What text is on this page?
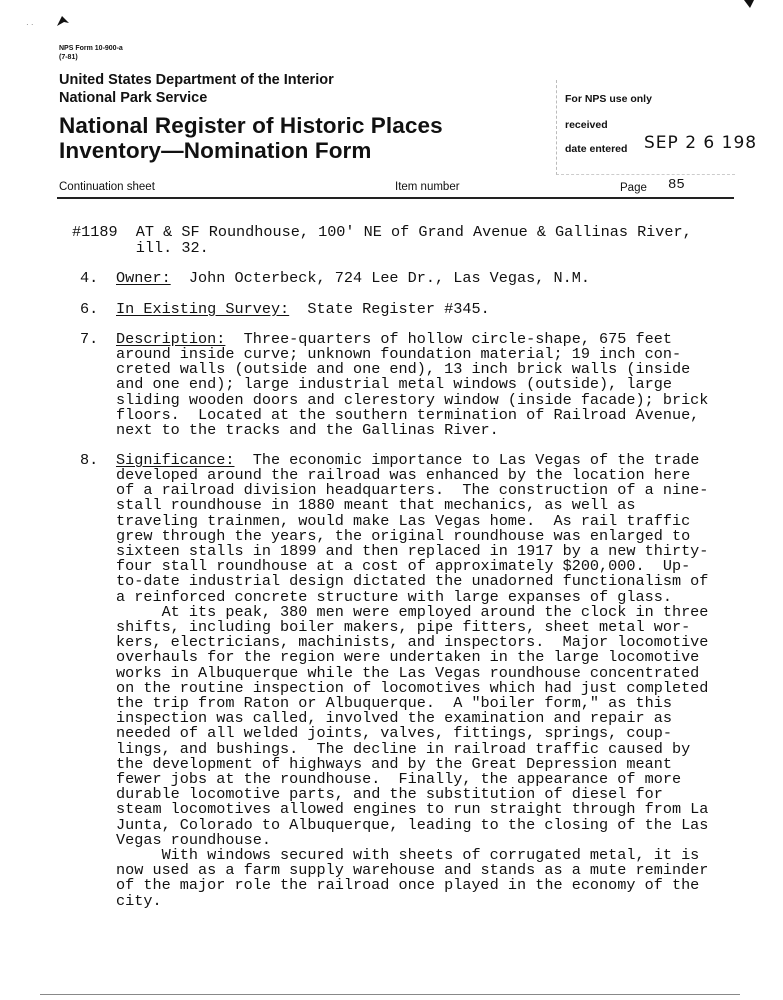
· ·
NPS Form 10-900-a
(7-81)
United States Department of the Interior
National Park Service
National Register of Historic Places
Inventory—Nomination Form
For NPS use only
received
date entered SEP 2 6 198
Continuation sheet	Item number	Page 85
#1189  AT & SF Roundhouse, 100' NE of Grand Avenue & Gallinas River,
ill. 32.
4. Owner: John Octerbeck, 724 Lee Dr., Las Vegas, N.M.
6. In Existing Survey: State Register #345.
7. Description: Three-quarters of hollow circle-shape, 675 feet
around inside curve; unknown foundation material; 19 inch con-
creted walls (outside and one end), 13 inch brick walls (inside
and one end); large industrial metal windows (outside), large
sliding wooden doors and clerestory window (inside facade); brick
floors.  Located at the southern termination of Railroad Avenue,
next to the tracks and the Gallinas River.
8. Significance: The economic importance to Las Vegas of the trade
developed around the railroad was enhanced by the location here
of a railroad division headquarters.  The construction of a nine-
stall roundhouse in 1880 meant that mechanics, as well as
traveling trainmen, would make Las Vegas home.  As rail traffic
grew through the years, the original roundhouse was enlarged to
sixteen stalls in 1899 and then replaced in 1917 by a new thirty-
four stall roundhouse at a cost of approximately $200,000.  Up-
to-date industrial design dictated the unadorned functionalism of
a reinforced concrete structure with large expanses of glass.
At its peak, 380 men were employed around the clock in three
shifts, including boiler makers, pipe fitters, sheet metal wor-
kers, electricians, machinists, and inspectors.  Major locomotive
overhauls for the region were undertaken in the large locomotive
works in Albuquerque while the Las Vegas roundhouse concentrated
on the routine inspection of locomotives which had just completed
the trip from Raton or Albuquerque.  A "boiler form," as this
inspection was called, involved the examination and repair as
needed of all welded joints, valves, fittings, springs, coup-
lings, and bushings.  The decline in railroad traffic caused by
the development of highways and by the Great Depression meant
fewer jobs at the roundhouse.  Finally, the appearance of more
durable locomotive parts, and the substitution of diesel for
steam locomotives allowed engines to run straight through from La
Junta, Colorado to Albuquerque, leading to the closing of the Las
Vegas roundhouse.
With windows secured with sheets of corrugated metal, it is
now used as a farm supply warehouse and stands as a mute reminder
of the major role the railroad once played in the economy of the
city.
